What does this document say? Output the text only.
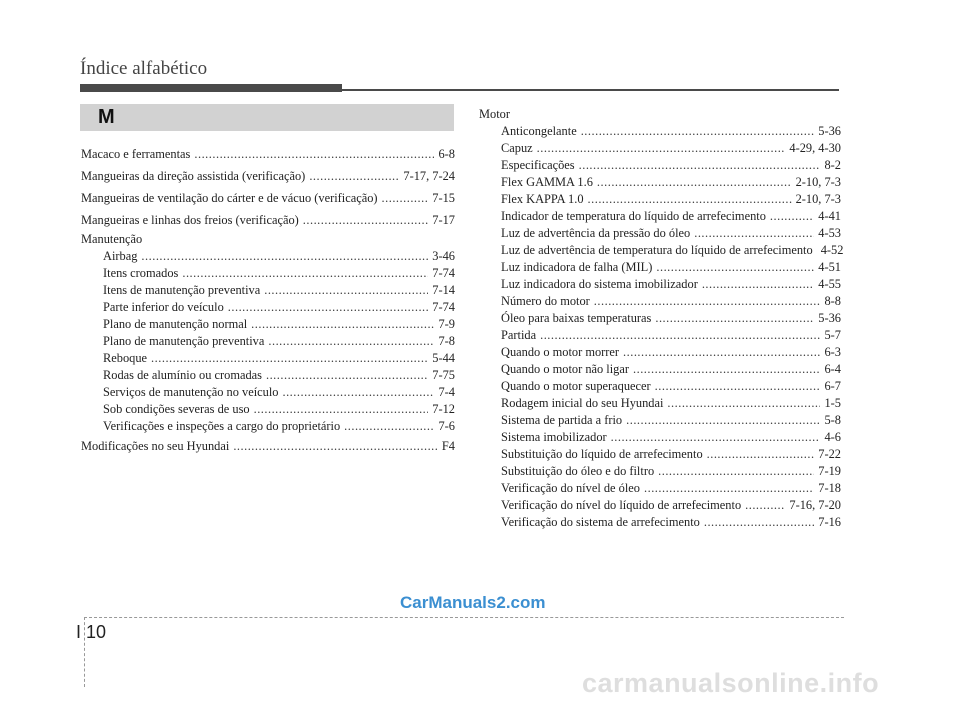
Índice alfabético
M
Macaco e ferramentas .....	6-8
Mangueiras da direção assistida (verificação) .....	7-17, 7-24
Mangueiras de ventilação do cárter e de vácuo (verificação) .....	7-15
Mangueiras e linhas dos freios (verificação) .....	7-17
Manutenção
Airbag .....	3-46
Itens cromados .....	7-74
Itens de manutenção preventiva .....	7-14
Parte inferior do veículo .....	7-74
Plano de manutenção normal .....	7-9
Plano de manutenção preventiva .....	7-8
Reboque .....	5-44
Rodas de alumínio ou cromadas .....	7-75
Serviços de manutenção no veículo .....	7-4
Sob condições severas de uso .....	7-12
Verificações e inspeções a cargo do proprietário .....	7-6
Modificações no seu Hyundai .....	F4
Motor
Anticongelante .....	5-36
Capuz .....	4-29, 4-30
Especificações .....	8-2
Flex GAMMA 1.6 .....	2-10, 7-3
Flex KAPPA 1.0 .....	2-10, 7-3
Indicador de temperatura do líquido de arrefecimento .....	4-41
Luz de advertência da pressão do óleo .....	4-53
Luz de advertência de temperatura do líquido de arrefecimento 4-52
Luz indicadora de falha (MIL) .....	4-51
Luz indicadora do sistema imobilizador .....	4-55
Número do motor .....	8-8
Óleo para baixas temperaturas .....	5-36
Partida .....	5-7
Quando o motor morrer .....	6-3
Quando o motor não ligar .....	6-4
Quando o motor superaquecer .....	6-7
Rodagem inicial do seu Hyundai .....	1-5
Sistema de partida a frio .....	5-8
Sistema imobilizador .....	4-6
Substituição do líquido de arrefecimento .....	7-22
Substituição do óleo e do filtro .....	7-19
Verificação do nível de óleo .....	7-18
Verificação do nível do líquido de arrefecimento .....	7-16, 7-20
Verificação do sistema de arrefecimento .....	7-16
I 10
CarManuals2.com
carmanualsonline.info
